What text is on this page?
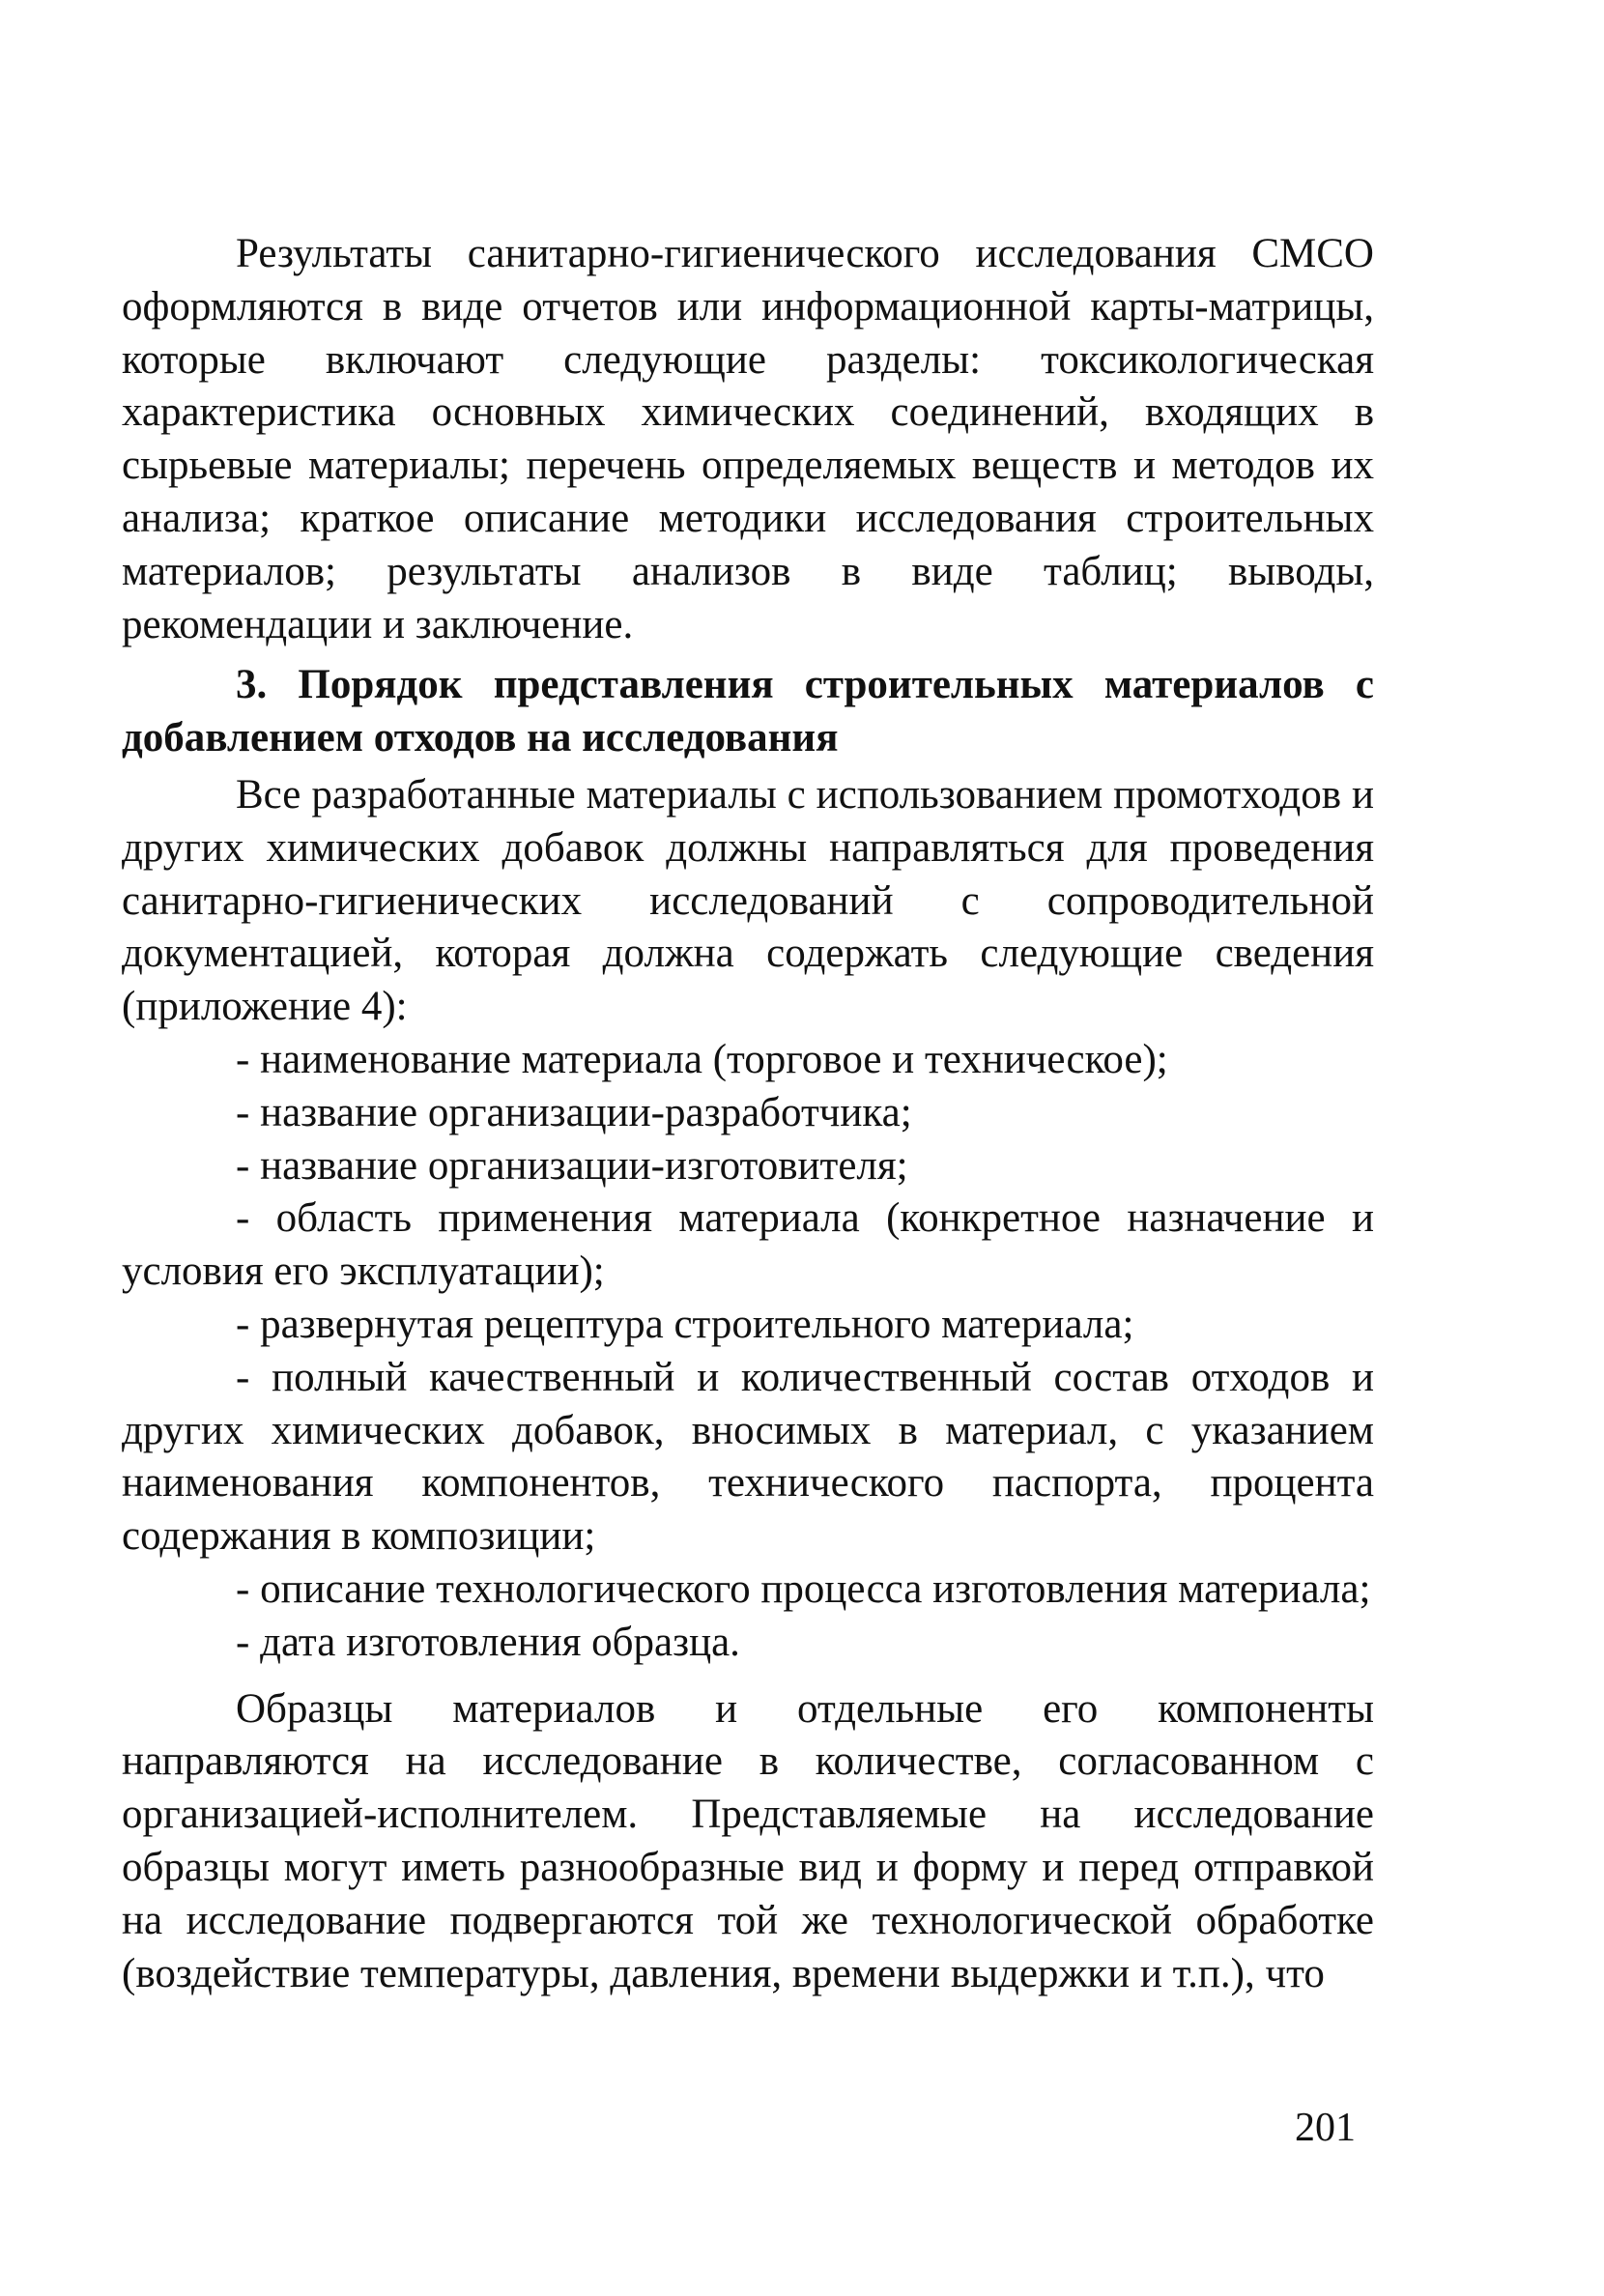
Результаты санитарно-гигиенического исследования СМСО оформляются в виде отчетов или информационной карты-матрицы, которые включают следующие разделы: токсикологическая характеристика основных химических соединений, входящих в сырьевые материалы; перечень определяемых веществ и методов их анализа; краткое описание методики исследования строительных материалов; результаты анализов в виде таблиц; выводы, рекомендации и заключение.

3. Порядок представления строительных материалов с добавлением отходов на исследования

Все разработанные материалы с использованием промотходов и других химических добавок должны направляться для проведения санитарно-гигиенических исследований с сопроводительной документацией, которая должна содержать следующие сведения (приложение 4):

- наименование материала (торговое и техническое);
- название организации-разработчика;
- название организации-изготовителя;
- область применения материала (конкретное назначение и условия его эксплуатации);
- развернутая рецептура строительного материала;
- полный качественный и количественный состав отходов и других химических добавок, вносимых в материал, с указанием наименования компонентов, технического паспорта, процента содержания в композиции;
- описание технологического процесса изготовления материала;
- дата изготовления образца.

Образцы материалов и отдельные его компоненты направляются на исследование в количестве, согласованном с организацией-исполнителем. Представляемые на исследование образцы могут иметь разнообразные вид и форму и перед отправкой на исследование подвергаются той же технологической обработке (воздействие температуры, давления, времени выдержки и т.п.), что

201
